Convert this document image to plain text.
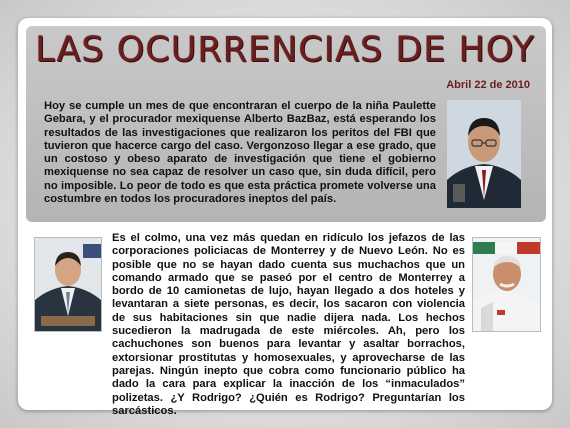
LAS OCURRENCIAS DE HOY
Abril 22 de 2010

Hoy se cumple un mes de que encontraran el cuerpo de la niña Paulette Gebara, y el procurador mexiquense Alberto BazBaz, está esperando los resultados de las investigaciones que realizaron los peritos del FBI que tuvieron que hacerce cargo del caso. Vergonzoso llegar a ese grado, que un costoso y obeso aparato de investigación que tiene el gobierno mexiquense no sea capaz de resolver un caso que, sin duda difícil, pero no imposible. Lo peor de todo es que esta práctica promete volverse una costumbre en todos los procuradores ineptos del país.

Es el colmo, una vez más quedan en ridículo los jefazos de las corporaciones policiacas de Monterrey y de Nuevo León. No es posible que no se hayan dado cuenta sus muchachos que un comando armado que se paseó por el centro de Monterrey a bordo de 10 camionetas de lujo, hayan llegado a dos hoteles y levantaran a siete personas, es decir, los sacaron con violencia de sus habitaciones sin que nadie dijera nada. Los hechos sucedieron la madrugada de este miércoles. Ah, pero los cachuchones son buenos para levantar y asaltar borrachos, extorsionar prostitutas y homosexuales, y aprovecharse de las parejas. Ningún inepto que cobra como funcionario público ha dado la cara para explicar la inacción de los “inmaculados” polizetas. ¿Y Rodrigo? ¿Quién es Rodrigo? Preguntarían los sarcásticos.
